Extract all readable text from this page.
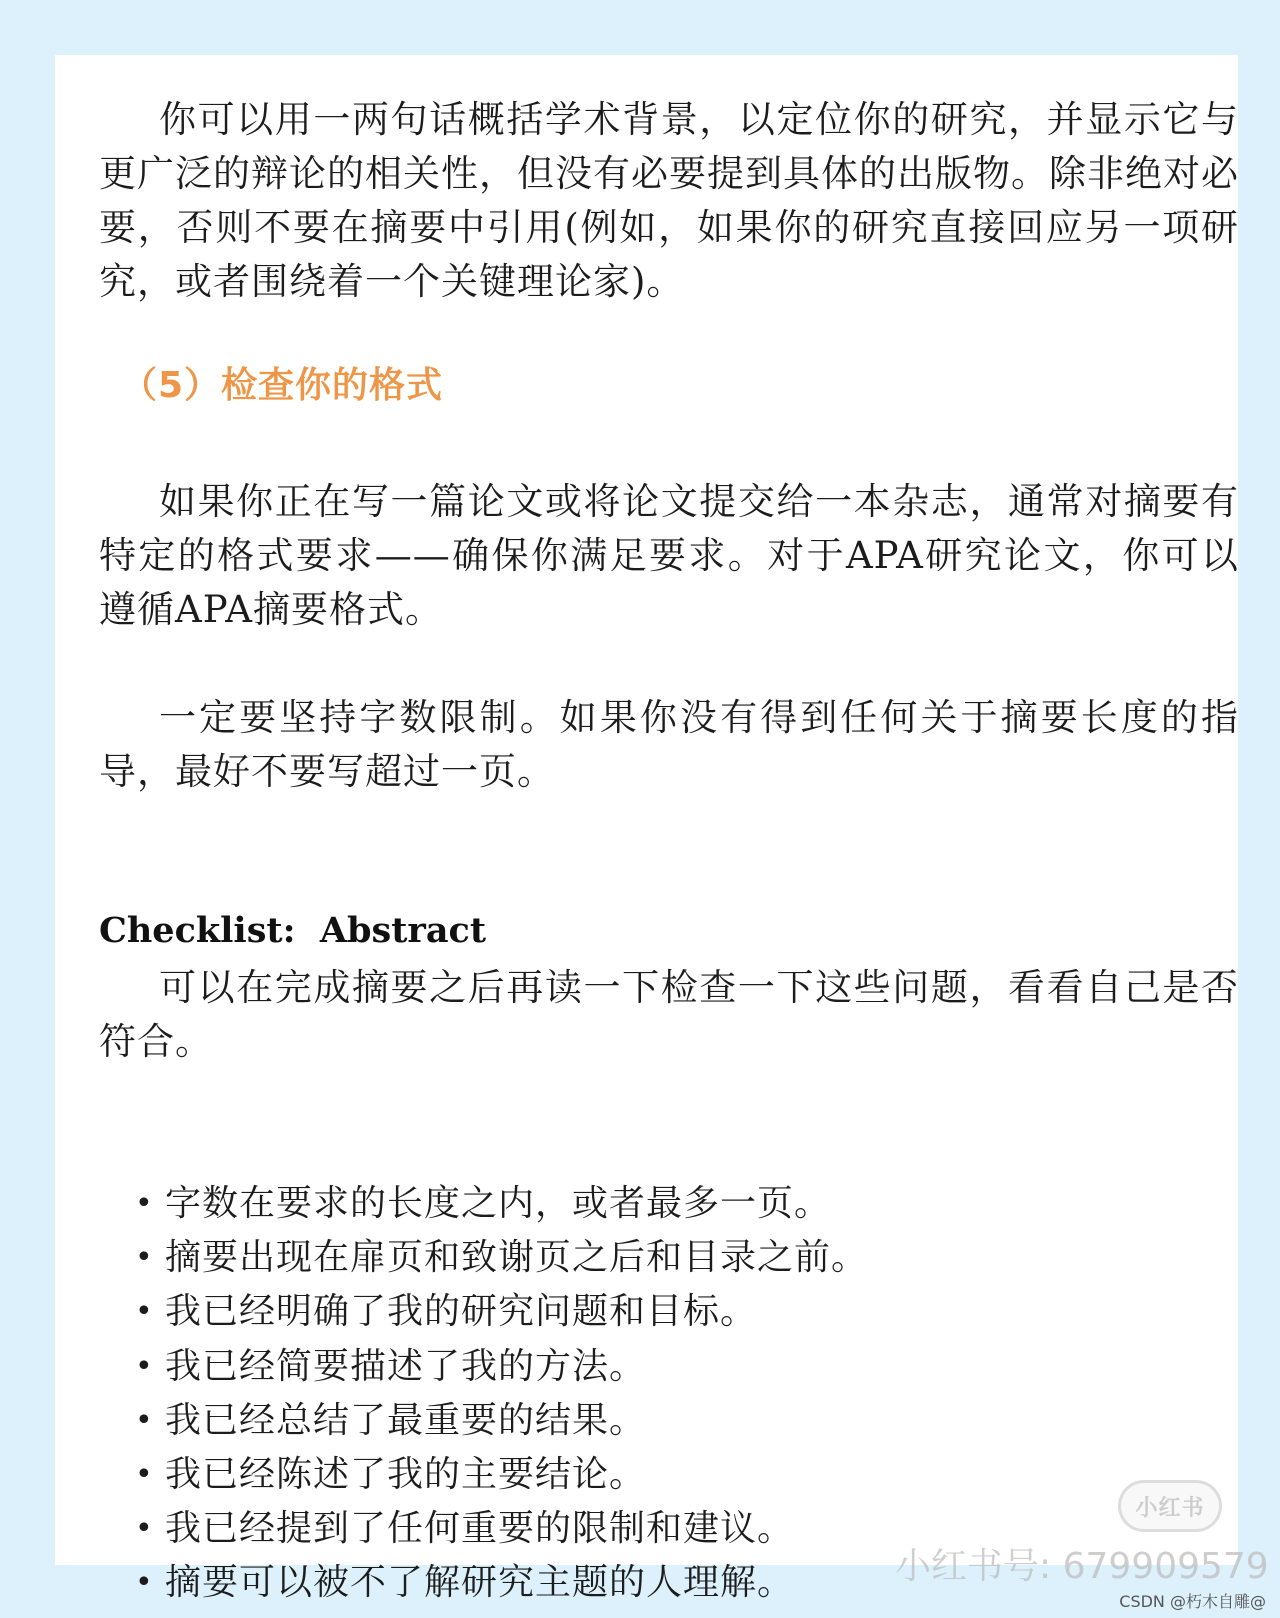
你可以用一两句话概括学术背景，以定位你的研究，并显示它与更广泛的辩论的相关性，但没有必要提到具体的出版物。除非绝对必要，否则不要在摘要中引用(例如，如果你的研究直接回应另一项研究，或者围绕着一个关键理论家)。

（5）检查你的格式

如果你正在写一篇论文或将论文提交给一本杂志，通常对摘要有特定的格式要求——确保你满足要求。对于APA研究论文，你可以遵循APA摘要格式。

一定要坚持字数限制。如果你没有得到任何关于摘要长度的指导，最好不要写超过一页。

Checklist:  Abstract

可以在完成摘要之后再读一下检查一下这些问题，看看自己是否符合。

• 字数在要求的长度之内，或者最多一页。
• 摘要出现在扉页和致谢页之后和目录之前。
• 我已经明确了我的研究问题和目标。
• 我已经简要描述了我的方法。
• 我已经总结了最重要的结果。
• 我已经陈述了我的主要结论。
• 我已经提到了任何重要的限制和建议。
• 摘要可以被不了解研究主题的人理解。
小红书

小红书号: 679909579

CSDN @朽木自雕@
